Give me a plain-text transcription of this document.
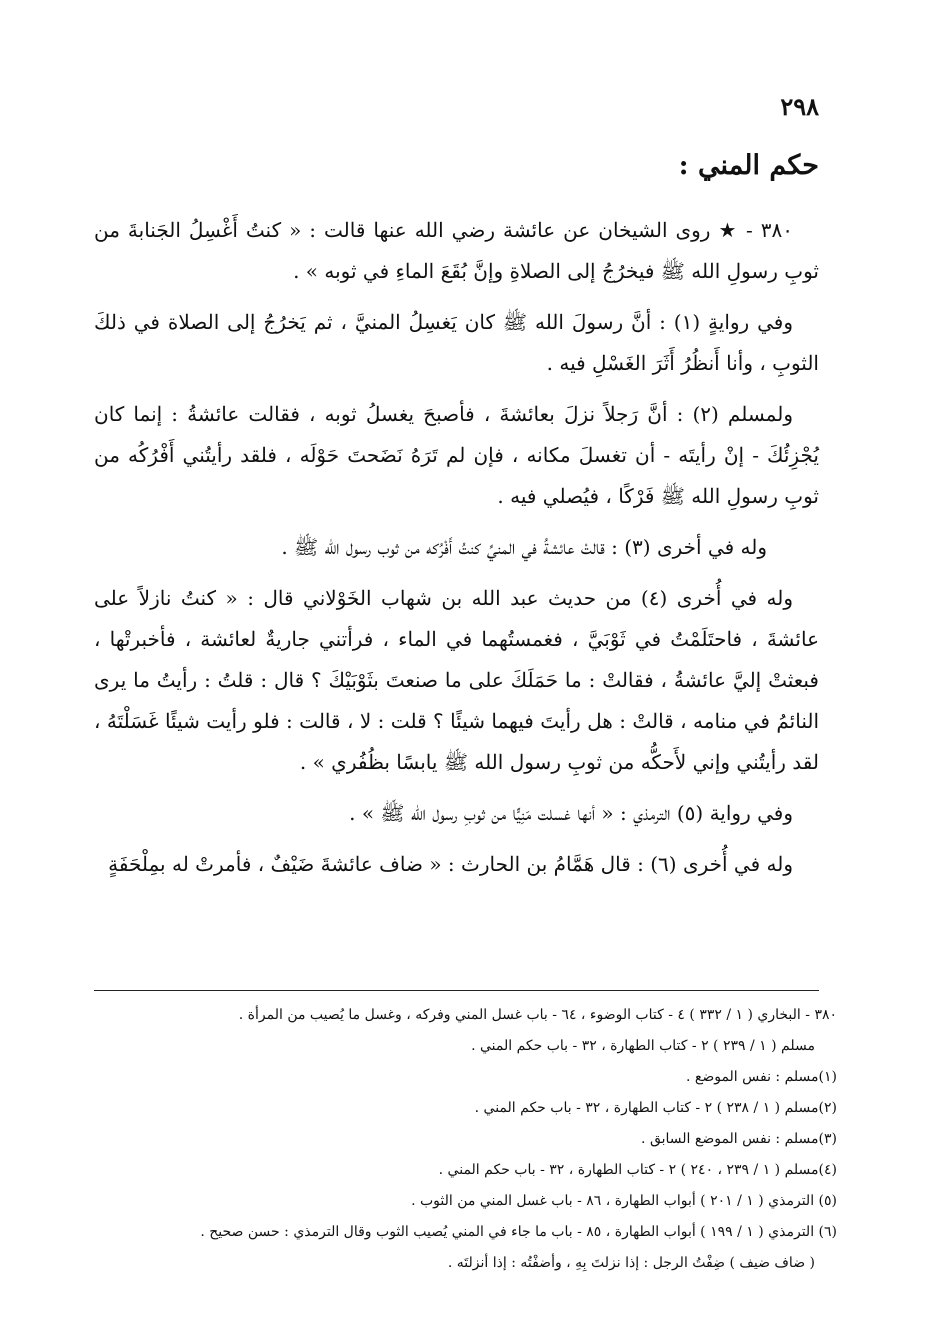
٢٩٨
حكم المني :

٣٨٠ - ★ روى الشيخان عن عائشة رضي الله عنها قالت : « كنتُ أَغْسِلُ الجَنابةَ من ثوبِ رسولِ الله ﷺ فيخرُجُ إلى الصلاةِ وإنَّ بُقَعَ الماءِ في ثوبه » .

وفي روايةٍ (١) : أنَّ رسولَ الله ﷺ كان يَغسِلُ المنيَّ ، ثم يَخرُجُ إلى الصلاة في ذلكَ الثوبِ ، وأنا أَنظُرُ أَثَرَ الغَسْلِ فيه .

ولمسلم (٢) : أنَّ رَجلاً نزلَ بعائشةَ ، فأصبحَ يغسلُ ثوبه ، فقالت عائشةُ : إنما كان يُجْزِئُكَ - إنْ رأيتَه - أن تغسلَ مكانه ، فإن لم تَرَهُ نَضَحتَ حَوْلَه ، فلقد رأيتُني أَفْرُكُه من ثوبِ رسولِ الله ﷺ فَرْكًا ، فيُصلي فيه .

وله في أخرى (٣) : قالتْ عائشةُ في المنيِّ كنتُ أَفْرُكه من ثوب رسول الله ﷺ .

وله في أُخرى (٤) من حديث عبد الله بن شهاب الخَوْلاني قال : « كنتُ نازلاً على عائشةَ ، فاحتَلَمْتُ في ثَوْبَيَّ ، فغمستُهما في الماء ، فرأتني جاريةٌ لعائشة ، فأخبرتْها ، فبعثتْ إليَّ عائشةُ ، فقالتْ : ما حَمَلَكَ على ما صنعتَ بثَوْبَيْكَ ؟ قال : قلتُ : رأيتُ ما يرى النائمُ في منامه ، قالتْ : هل رأيتَ فيهما شيئًا ؟ قلت : لا ، قالت : فلو رأيت شيئًا غَسَلْتَهُ ، لقد رأيتُني وإني لأَحكُّه من ثوبِ رسول الله ﷺ يابسًا بظُفُري » .

وفي رواية (٥) الترمذي : « أنها غسلت مَنِيًّا من ثوبِ رسول الله ﷺ » .

وله في أُخرى (٦) : قال هَمَّامُ بن الحارث : « ضاف عائشةَ ضَيْفٌ ، فأمرتْ له بمِلْحَفَةٍ

٣٨٠ - البخاري ( ١ / ٣٣٢ ) ٤ - كتاب الوضوء ، ٦٤ - باب غسل المني وفركه ، وغسل ما يُصيب من المرأة .
مسلم ( ١ / ٢٣٩ ) ٢ - كتاب الطهارة ، ٣٢ - باب حكم المني .
(١)مسلم : نفس الموضع .
(٢)مسلم ( ١ / ٢٣٨ ) ٢ - كتاب الطهارة ، ٣٢ - باب حكم المني .
(٣)مسلم : نفس الموضع السابق .
(٤)مسلم ( ١ / ٢٣٩ ، ٢٤٠ ) ٢ - كتاب الطهارة ، ٣٢ - باب حكم المني .
(٥) الترمذي ( ١ / ٢٠١ ) أبواب الطهارة ، ٨٦ - باب غسل المني من الثوب .
(٦) الترمذي ( ١ / ١٩٩ ) أبواب الطهارة ، ٨٥ - باب ما جاء في المني يُصيب الثوب وقال الترمذي : حسن صحيح .
( ضاف ضيف ) ضِفْتُ الرجل : إذا نزلتَ بِهِ ، وأضفْتُه : إذا أنزلتَه .
